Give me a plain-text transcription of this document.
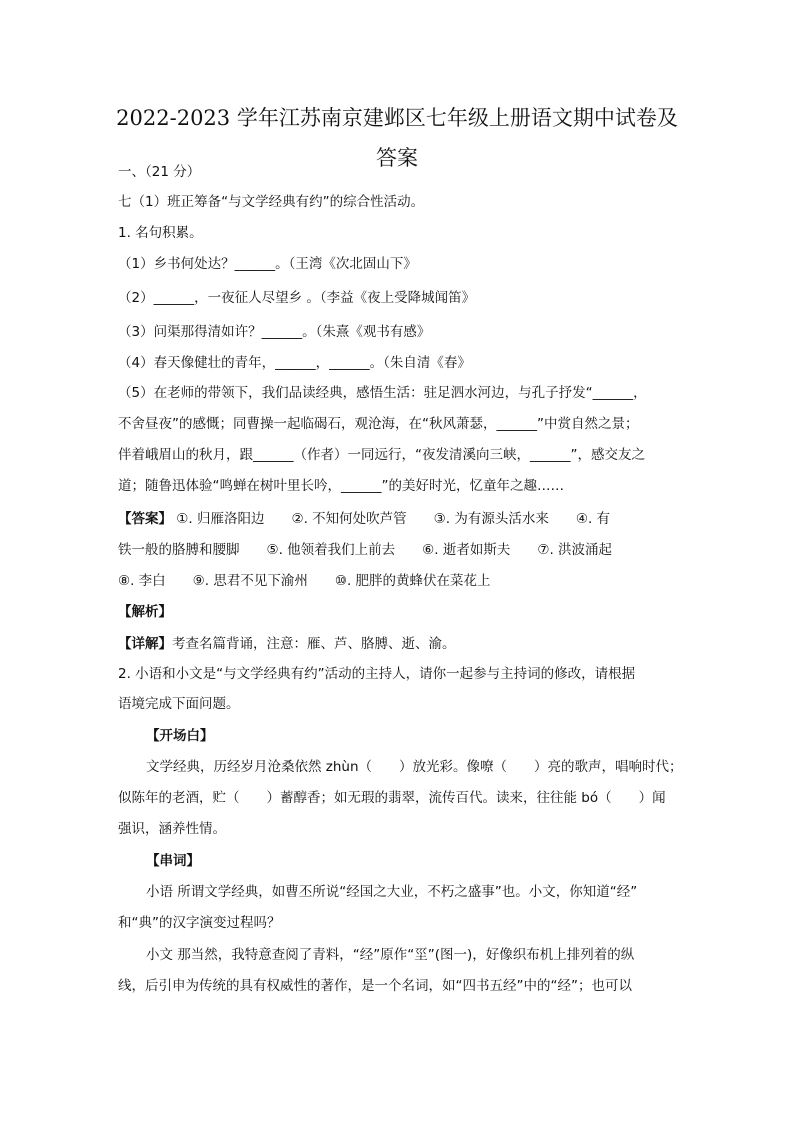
2022-2023 学年江苏南京建邺区七年级上册语文期中试卷及
答案
一、（21 分）
七（1）班正筹备“与文学经典有约”的综合性活动。
1. 名句积累。
（1）乡书何处达？______。（王湾《次北固山下》
（2）______，一夜征人尽望乡 。（李益《夜上受降城闻笛》
（3）问渠那得清如许？______。（朱熹《观书有感》
（4）春天像健壮的青年，______，______。（朱自清《春》
（5）在老师的带领下，我们品读经典，感悟生活：驻足泗水河边，与孔子抒发“______，
不舍昼夜”的感慨；同曹操一起临碣石，观沧海，在“秋风萧瑟，______”中赏自然之景；
伴着峨眉山的秋月，跟______（作者）一同远行，“夜发清溪向三峡，______”，感交友之
道；随鲁迅体验“鸣蝉在树叶里长吟，______”的美好时光，忆童年之趣……
【答案】 ①. 归雁洛阳边　　②. 不知何处吹芦管　　③. 为有源头活水来　　④. 有
铁一般的胳膊和腰脚　　⑤. 他领着我们上前去　　⑥. 逝者如斯夫　　⑦. 洪波涌起
⑧. 李白　　⑨. 思君不见下渝州　　⑩. 肥胖的黄蜂伏在菜花上
【解析】
【详解】考查名篇背诵，注意：雁、芦、胳膊、逝、渝。
2. 小语和小文是“与文学经典有约”活动的主持人，请你一起参与主持词的修改，请根据
语境完成下面问题。
【开场白】
文学经典，历经岁月沧桑依然 zhùn（　　）放光彩。像嘹（　　）亮的歌声，唱响时代；
似陈年的老酒，贮（　　）蓄醇香；如无瑕的翡翠，流传百代。读来，往往能 bó（　　）闻
强识，涵养性情。
【串词】
小语 所谓文学经典，如曹丕所说“经国之大业，不朽之盛事”也。小文，你知道“经”
和“典”的汉字演变过程吗？
小文 那当然，我特意查阅了青料，“经”原作“坙”(图一)，好像织布机上排列着的纵
线，后引申为传统的具有权威性的著作，是一个名词，如“四书五经”中的“经”；也可以
